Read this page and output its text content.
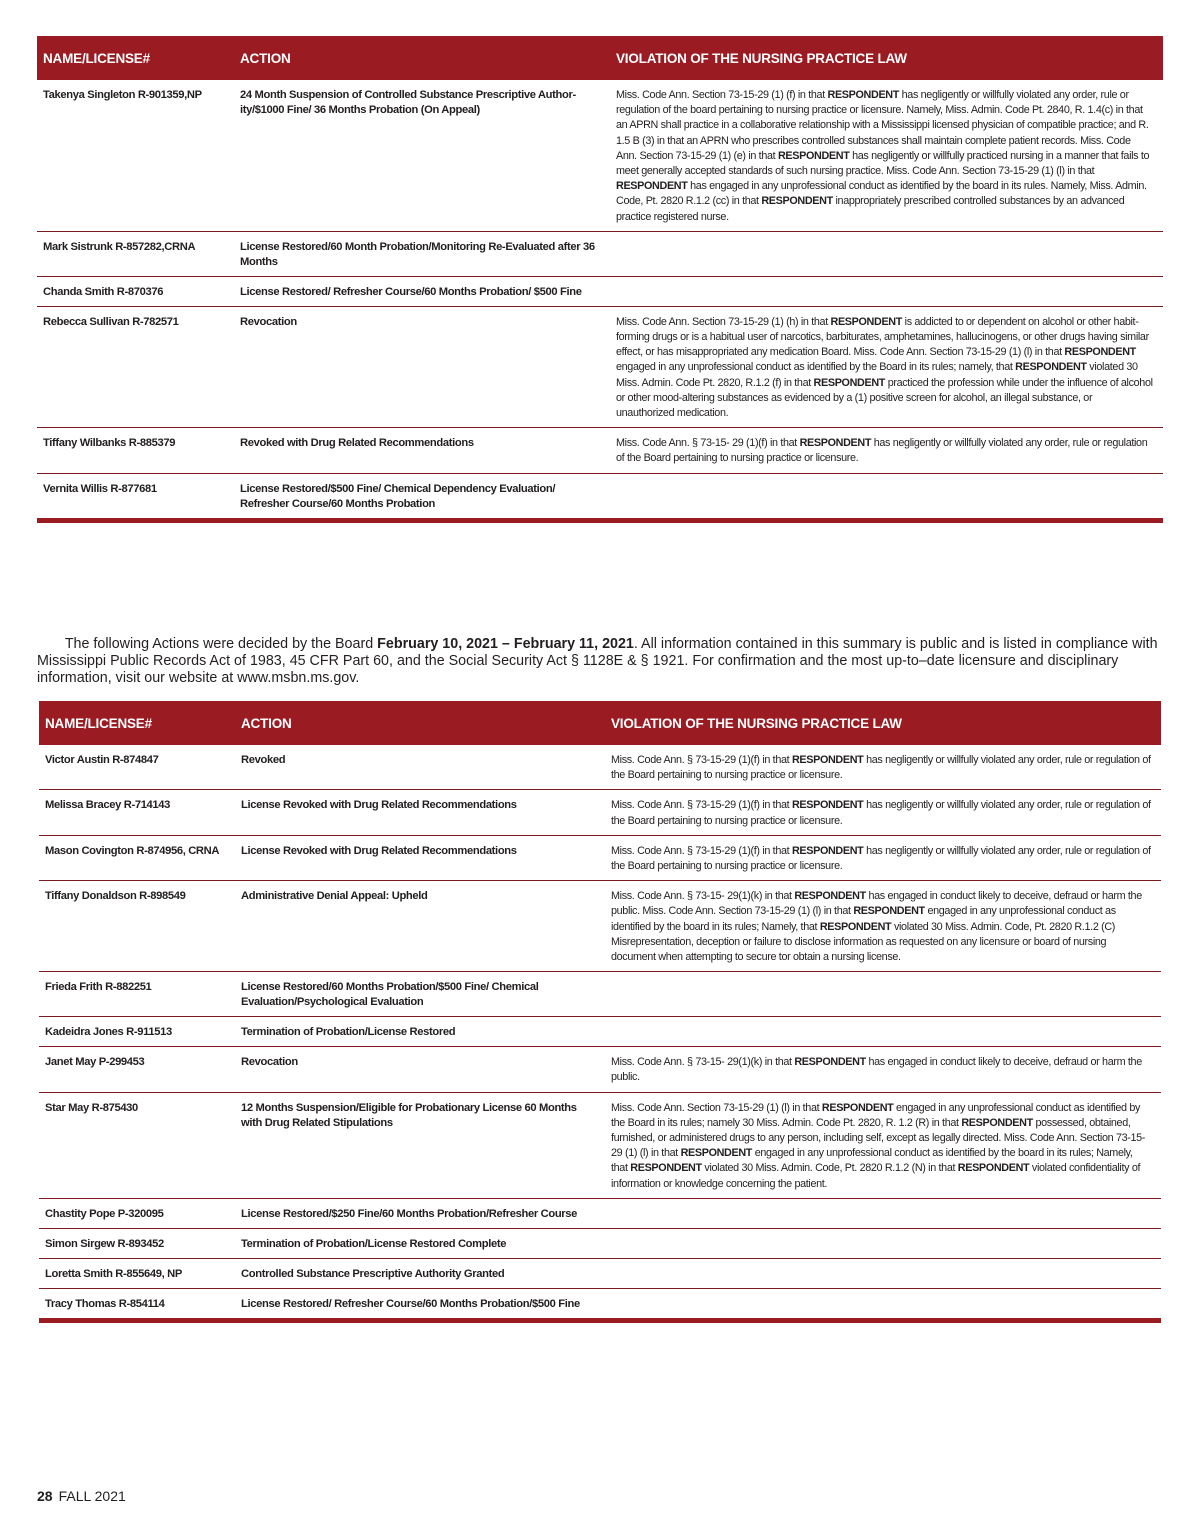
NAME/LICENSE#	ACTION	VIOLATION OF THE NURSING PRACTICE LAW
Takenya Singleton R-901359,NP	24 Month Suspension of Controlled Substance Prescriptive Author-ity/$1000 Fine/ 36 Months Probation (On Appeal)	Miss. Code Ann. Section 73-15-29 (1) (f) in that RESPONDENT has negligently or willfully violated any order, rule or regulation of the board pertaining to nursing practice or licensure. Namely, Miss. Admin. Code Pt. 2840, R. 1.4(c) in that an APRN shall practice in a collaborative relationship with a Mississippi licensed physician of compatible practice; and R. 1.5 B (3) in that an APRN who prescribes controlled substances shall maintain complete patient records. Miss. Code Ann. Section 73-15-29 (1) (e) in that RESPONDENT has negligently or willfully practiced nursing in a manner that fails to meet generally accepted standards of such nursing practice. Miss. Code Ann. Section 73-15-29 (1) (l) in that RESPONDENT has engaged in any unprofessional conduct as identified by the board in its rules. Namely, Miss. Admin. Code, Pt. 2820 R.1.2 (cc) in that RESPONDENT inappropriately prescribed controlled substances by an advanced practice registered nurse.
Mark Sistrunk R-857282,CRNA	License Restored/60 Month Probation/Monitoring Re-Evaluated after 36 Months	
Chanda Smith R-870376	License Restored/ Refresher Course/60 Months Probation/ $500 Fine	
Rebecca Sullivan R-782571	Revocation	Miss. Code Ann. Section 73-15-29 (1) (h) in that RESPONDENT is addicted to or dependent on alcohol or other habit- forming drugs or is a habitual user of narcotics, barbiturates, amphetamines, hallucinogens, or other drugs having similar effect, or has misappropriated any medication Board. Miss. Code Ann. Section 73-15-29 (1) (l) in that RESPONDENT engaged in any unprofessional conduct as identified by the Board in its rules; namely, that RESPONDENT violated 30 Miss. Admin. Code Pt. 2820, R.1.2 (f) in that RESPONDENT practiced the profession while under the influence of alcohol or other mood-altering substances as evidenced by a (1) positive screen for alcohol, an illegal substance, or unauthorized medication.
Tiffany Wilbanks R-885379	Revoked with Drug Related Recommendations	Miss. Code Ann. § 73-15- 29 (1)(f) in that RESPONDENT has negligently or willfully violated any order, rule or regulation of the Board pertaining to nursing practice or licensure.
Vernita Willis R-877681	License Restored/$500 Fine/ Chemical Dependency Evaluation/ Refresher Course/60 Months Probation	
The following Actions were decided by the Board February 10, 2021 – February 11, 2021. All information contained in this summary is public and is listed in compliance with Mississippi Public Records Act of 1983, 45 CFR Part 60, and the Social Security Act § 1128E & § 1921. For confirmation and the most up-to–date licensure and disciplinary information, visit our website at www.msbn.ms.gov.
NAME/LICENSE#	ACTION	VIOLATION OF THE NURSING PRACTICE LAW
Victor Austin R-874847	Revoked	Miss. Code Ann. § 73-15-29 (1)(f) in that RESPONDENT has negligently or willfully violated any order, rule or regulation of the Board pertaining to nursing practice or licensure.
Melissa Bracey R-714143	License Revoked with Drug Related Recommendations	Miss. Code Ann. § 73-15-29 (1)(f) in that RESPONDENT has negligently or willfully violated any order, rule or regulation of the Board pertaining to nursing practice or licensure.
Mason Covington R-874956, CRNA	License Revoked with Drug Related Recommendations	Miss. Code Ann. § 73-15-29 (1)(f) in that RESPONDENT has negligently or willfully violated any order, rule or regulation of the Board pertaining to nursing practice or licensure.
Tiffany Donaldson R-898549	Administrative Denial Appeal: Upheld	Miss. Code Ann. § 73-15- 29(1)(k) in that RESPONDENT has engaged in conduct likely to deceive, defraud or harm the public. Miss. Code Ann. Section 73-15-29 (1) (l) in that RESPONDENT engaged in any unprofessional conduct as identified by the board in its rules; Namely, that RESPONDENT violated 30 Miss. Admin. Code, Pt. 2820 R.1.2 (C) Misrepresentation, deception or failure to disclose information as requested on any licensure or board of nursing document when attempting to secure tor obtain a nursing license.
Frieda Frith R-882251	License Restored/60 Months Probation/$500 Fine/ Chemical Evaluation/Psychological Evaluation	
Kadeidra Jones R-911513	Termination of Probation/License Restored	
Janet May P-299453	Revocation	Miss. Code Ann. § 73-15- 29(1)(k) in that RESPONDENT has engaged in conduct likely to deceive, defraud or harm the public.
Star May R-875430	12 Months Suspension/Eligible for Probationary License 60 Months with Drug Related Stipulations	Miss. Code Ann. Section 73-15-29 (1) (l) in that RESPONDENT engaged in any unprofessional conduct as identified by the Board in its rules; namely 30 Miss. Admin. Code Pt. 2820, R. 1.2 (R) in that RESPONDENT possessed, obtained, furnished, or administered drugs to any person, including self, except as legally directed. Miss. Code Ann. Section 73-15-29 (1) (l) in that RESPONDENT engaged in any unprofessional conduct as identified by the board in its rules; Namely, that RESPONDENT violated 30 Miss. Admin. Code, Pt. 2820 R.1.2 (N) in that RESPONDENT violated confidentiality of information or knowledge concerning the patient.
Chastity Pope P-320095	License Restored/$250 Fine/60 Months Probation/Refresher Course	
Simon Sirgew R-893452	Termination of Probation/License Restored Complete	
Loretta Smith R-855649, NP	Controlled Substance Prescriptive Authority Granted	
Tracy Thomas R-854114	License Restored/ Refresher Course/60 Months Probation/$500 Fine	
28 FALL 2021
